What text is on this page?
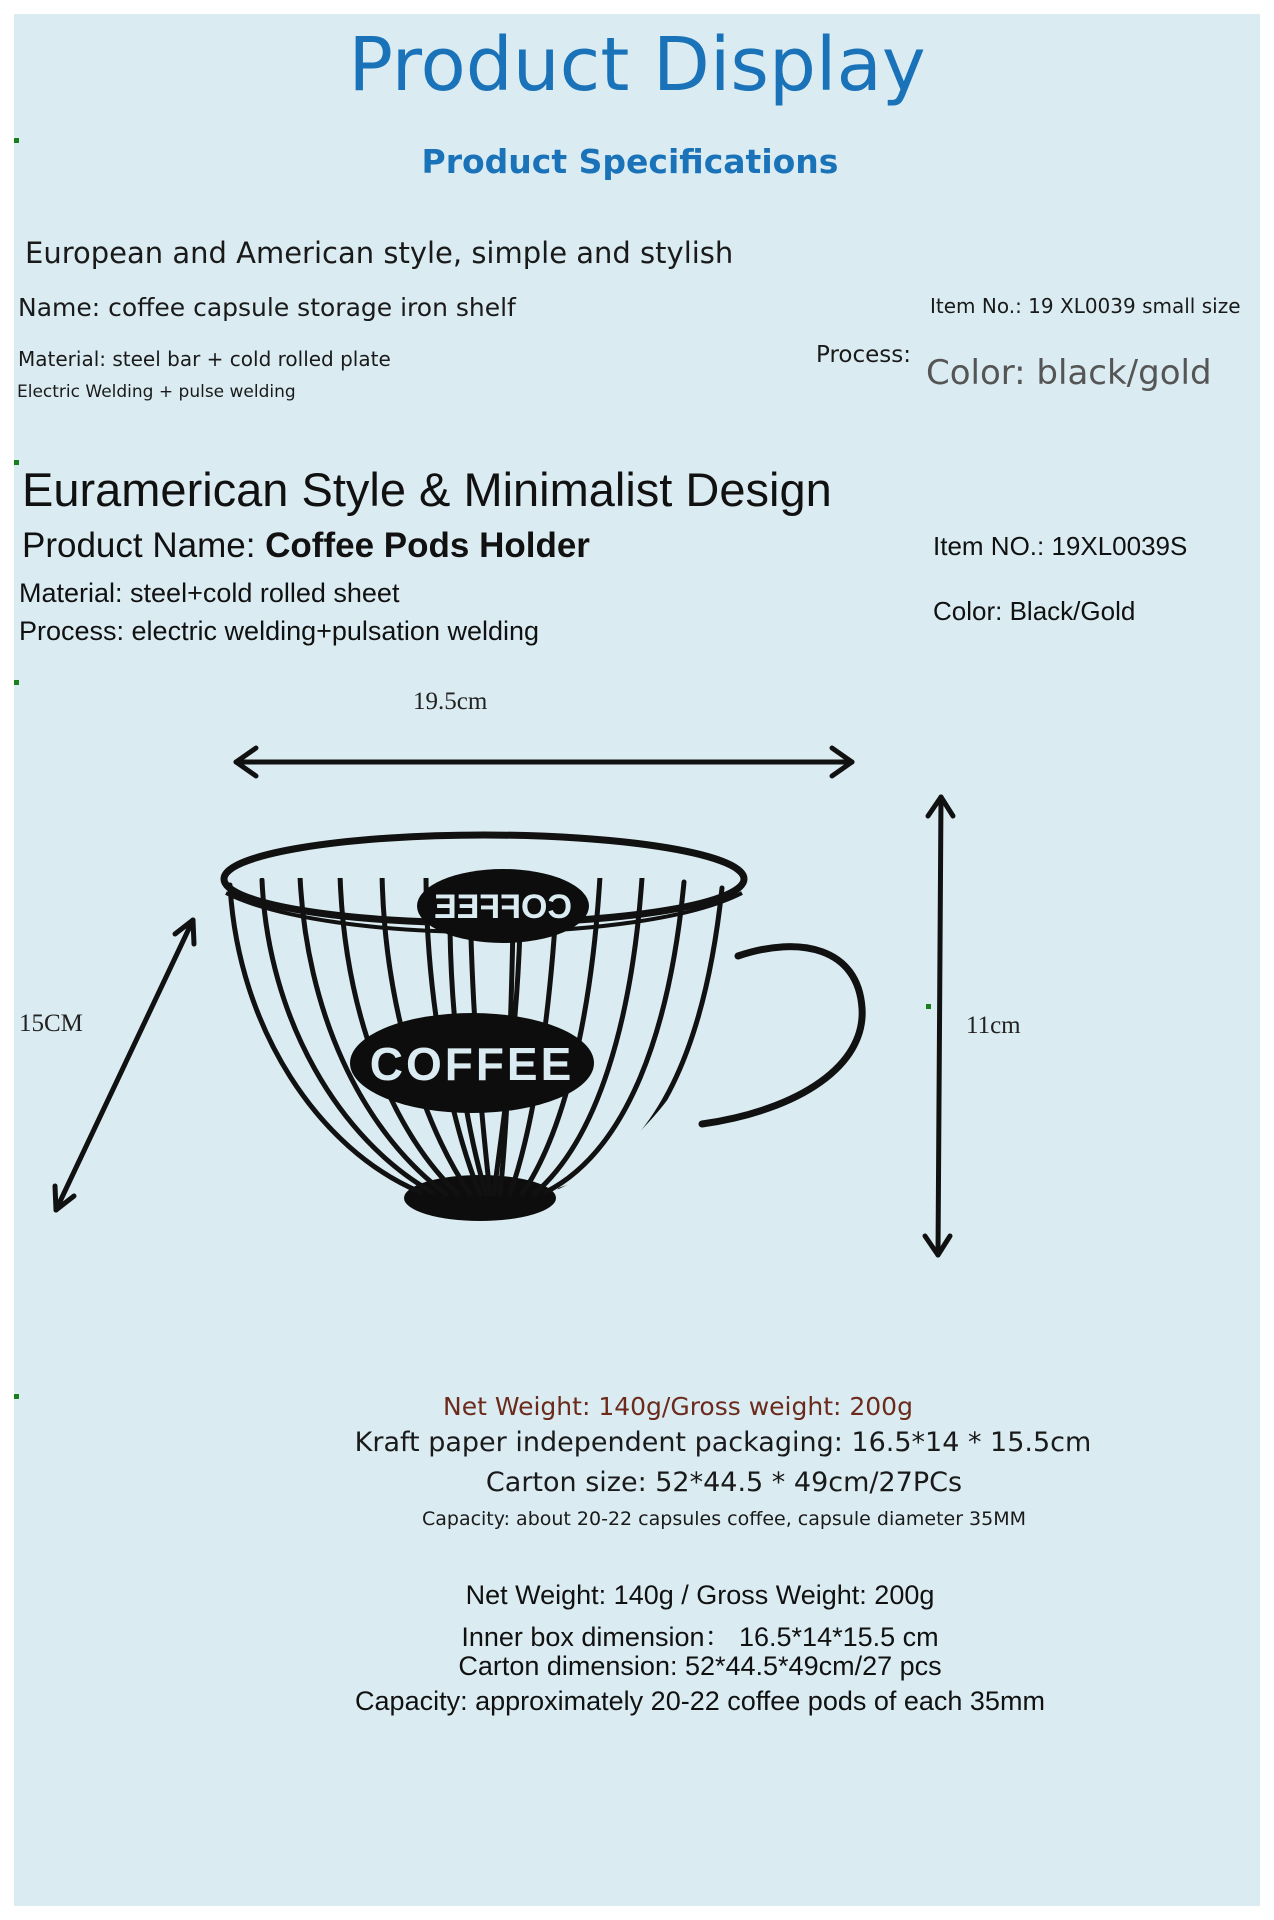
Product Display
Product Specifications
European and American style, simple and stylish
Name: coffee capsule storage iron shelf	Item No.: 19 XL0039 small size
Material: steel bar + cold rolled plate	Process: Color: black/gold
Electric Welding + pulse welding
Euramerican Style & Minimalist Design
Product Name: Coffee Pods Holder	Item NO.: 19XL0039S
Material: steel+cold rolled sheet
Color: Black/Gold
Process: electric welding+pulsation welding
19.5cm
15CM	11cm
COFFEE
COFFEE
Net Weight: 140g/Gross weight: 200g
Kraft paper independent packaging: 16.5*14 * 15.5cm
Carton size: 52*44.5 * 49cm/27PCs
Capacity: about 20-22 capsules coffee, capsule diameter 35MM
Net Weight: 140g / Gross Weight: 200g
Inner box dimension： 16.5*14*15.5 cm
Carton dimension: 52*44.5*49cm/27 pcs
Capacity: approximately 20-22 coffee pods of each 35mm
